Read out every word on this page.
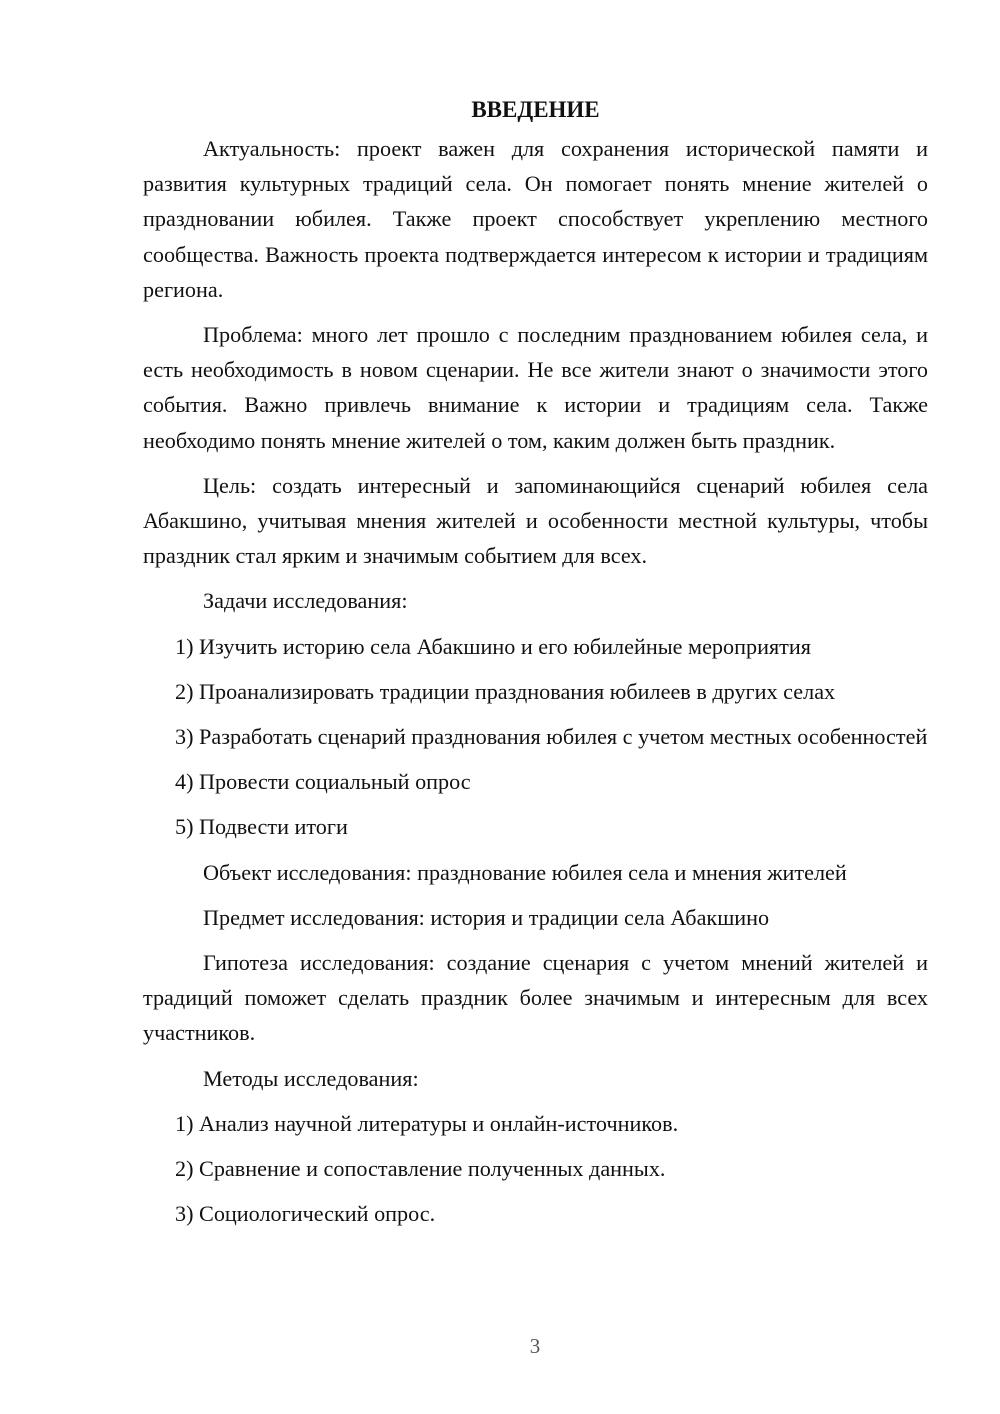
ВВЕДЕНИЕ

Актуальность: проект важен для сохранения исторической памяти и развития культурных традиций села. Он помогает понять мнение жителей о праздновании юбилея. Также проект способствует укреплению местного сообщества. Важность проекта подтверждается интересом к истории и традициям региона.

Проблема: много лет прошло с последним празднованием юбилея села, и есть необходимость в новом сценарии. Не все жители знают о значимости этого события. Важно привлечь внимание к истории и традициям села. Также необходимо понять мнение жителей о том, каким должен быть праздник.

Цель: создать интересный и запоминающийся сценарий юбилея села Абакшино, учитывая мнения жителей и особенности местной культуры, чтобы праздник стал ярким и значимым событием для всех.

Задачи исследования:

1) Изучить историю села Абакшино и его юбилейные мероприятия

2) Проанализировать традиции празднования юбилеев в других селах

3) Разработать сценарий празднования юбилея с учетом местных особенностей

4) Провести социальный опрос

5) Подвести итоги

Объект исследования: празднование юбилея села и мнения жителей

Предмет исследования: история и традиции села Абакшино

Гипотеза исследования: создание сценария с учетом мнений жителей и традиций поможет сделать праздник более значимым и интересным для всех участников.

Методы исследования:

1) Анализ научной литературы и онлайн-источников.

2) Сравнение и сопоставление полученных данных.

3) Социологический опрос.

3
